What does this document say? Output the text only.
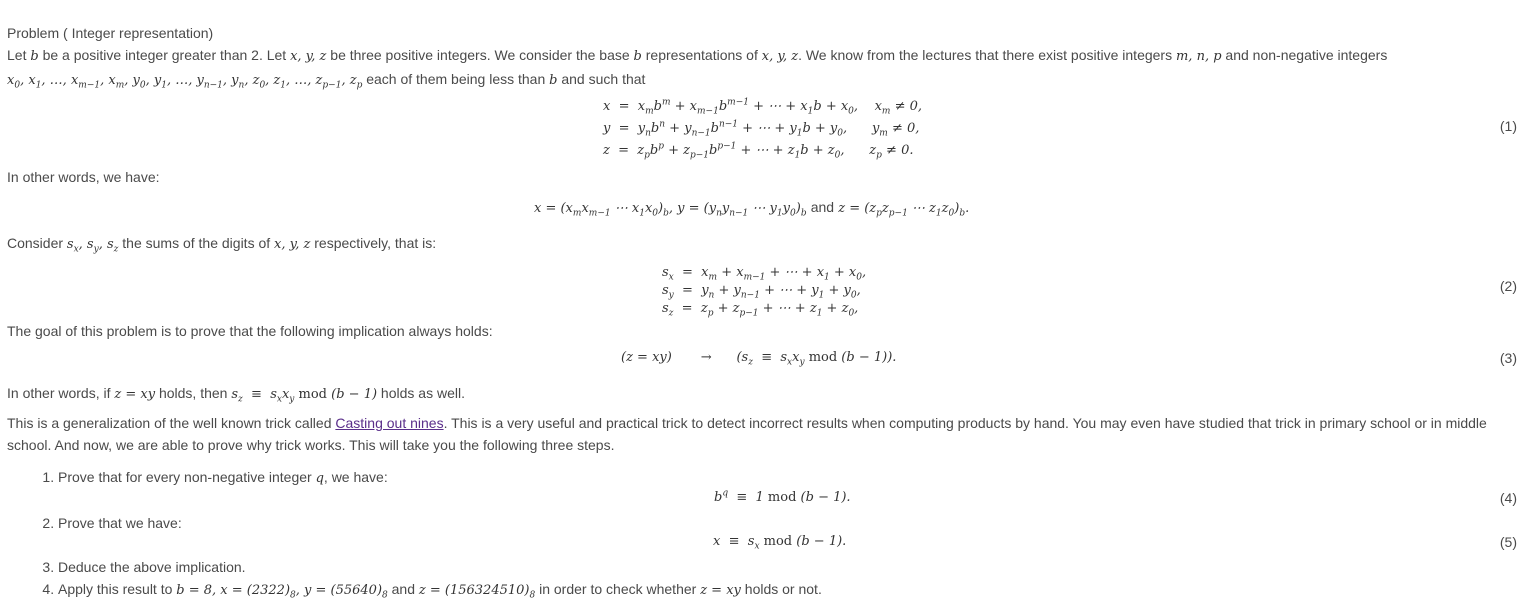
Problem ( Integer representation)

Let b be a positive integer greater than 2. Let x, y, z be three positive integers. We consider the base b representations of x, y, z. We know from the lectures that there exist positive integers m, n, p and non-negative integers
$x_0$, $x_1$, …, $x_{m-1}$, $x_m$, $y_0$, $y_1$, …, $y_{n-1}$, $y_n$, $z_0$, $z_1$, …, $z_{p-1}$, $z_p$ each of them being less than b and such that

$x = x_mb^m + x_{m-1}b^{m-1}$ + ⋯ + $x_1b + x_0$,    $x_m \ne 0$,
$y = y_nb^n + y_{n-1}b^{n-1}$ + ⋯ + $y_1b + y_0$,      $y_m \ne 0$,
$z = z_pb^p + z_{p-1}b^{p-1}$ + ⋯ + $z_1b + z_0$,      $z_p \ne 0$.
(1)

In other words, we have:

$x = (x_mx_{m-1}$ ⋯ $x_1x_0)_b$, $y = (y_ny_{n-1}$ ⋯ $y_1y_0)_b$ and $z = (z_pz_{p-1}$ ⋯ $z_1z_0)_b$.

Consider $s_x$, $s_y$, $s_z$ the sums of the digits of x, y, z respectively, that is:

$s_x = x_m + x_{m-1}$ + ⋯ + $x_1 + x_0$,
$s_y = y_n + y_{n-1}$ + ⋯ + $y_1 + y_0$,
$s_z = z_p + z_{p-1}$ + ⋯ + $z_1 + z_0$,
(2)

The goal of this problem is to prove that the following implication always holds:

(z = xy)       →      ($s_z \equiv s_xx_y$ mod (b − 1)).	(3)

In other words, if z = xy holds, then $s_z \equiv s_xx_y$ mod (b − 1) holds as well.

This is a generalization of the well known trick called Casting out nines. This is a very useful and practical trick to detect incorrect results when computing products by hand. You may even have studied that trick in primary school or in middle school. And now, we are able to prove why trick works. This will take you the following three steps.

1. Prove that for every non-negative integer q, we have:
$b^q \equiv 1$ mod (b − 1).	(4)
2. Prove that we have:
$x \equiv s_x$ mod (b − 1).	(5)
3. Deduce the above implication.
4. Apply this result to b = 8, $x = (2322)_8$, $y = (55640)_8$ and $z = (156324510)_8$ in order to check whether z = xy holds or not.
